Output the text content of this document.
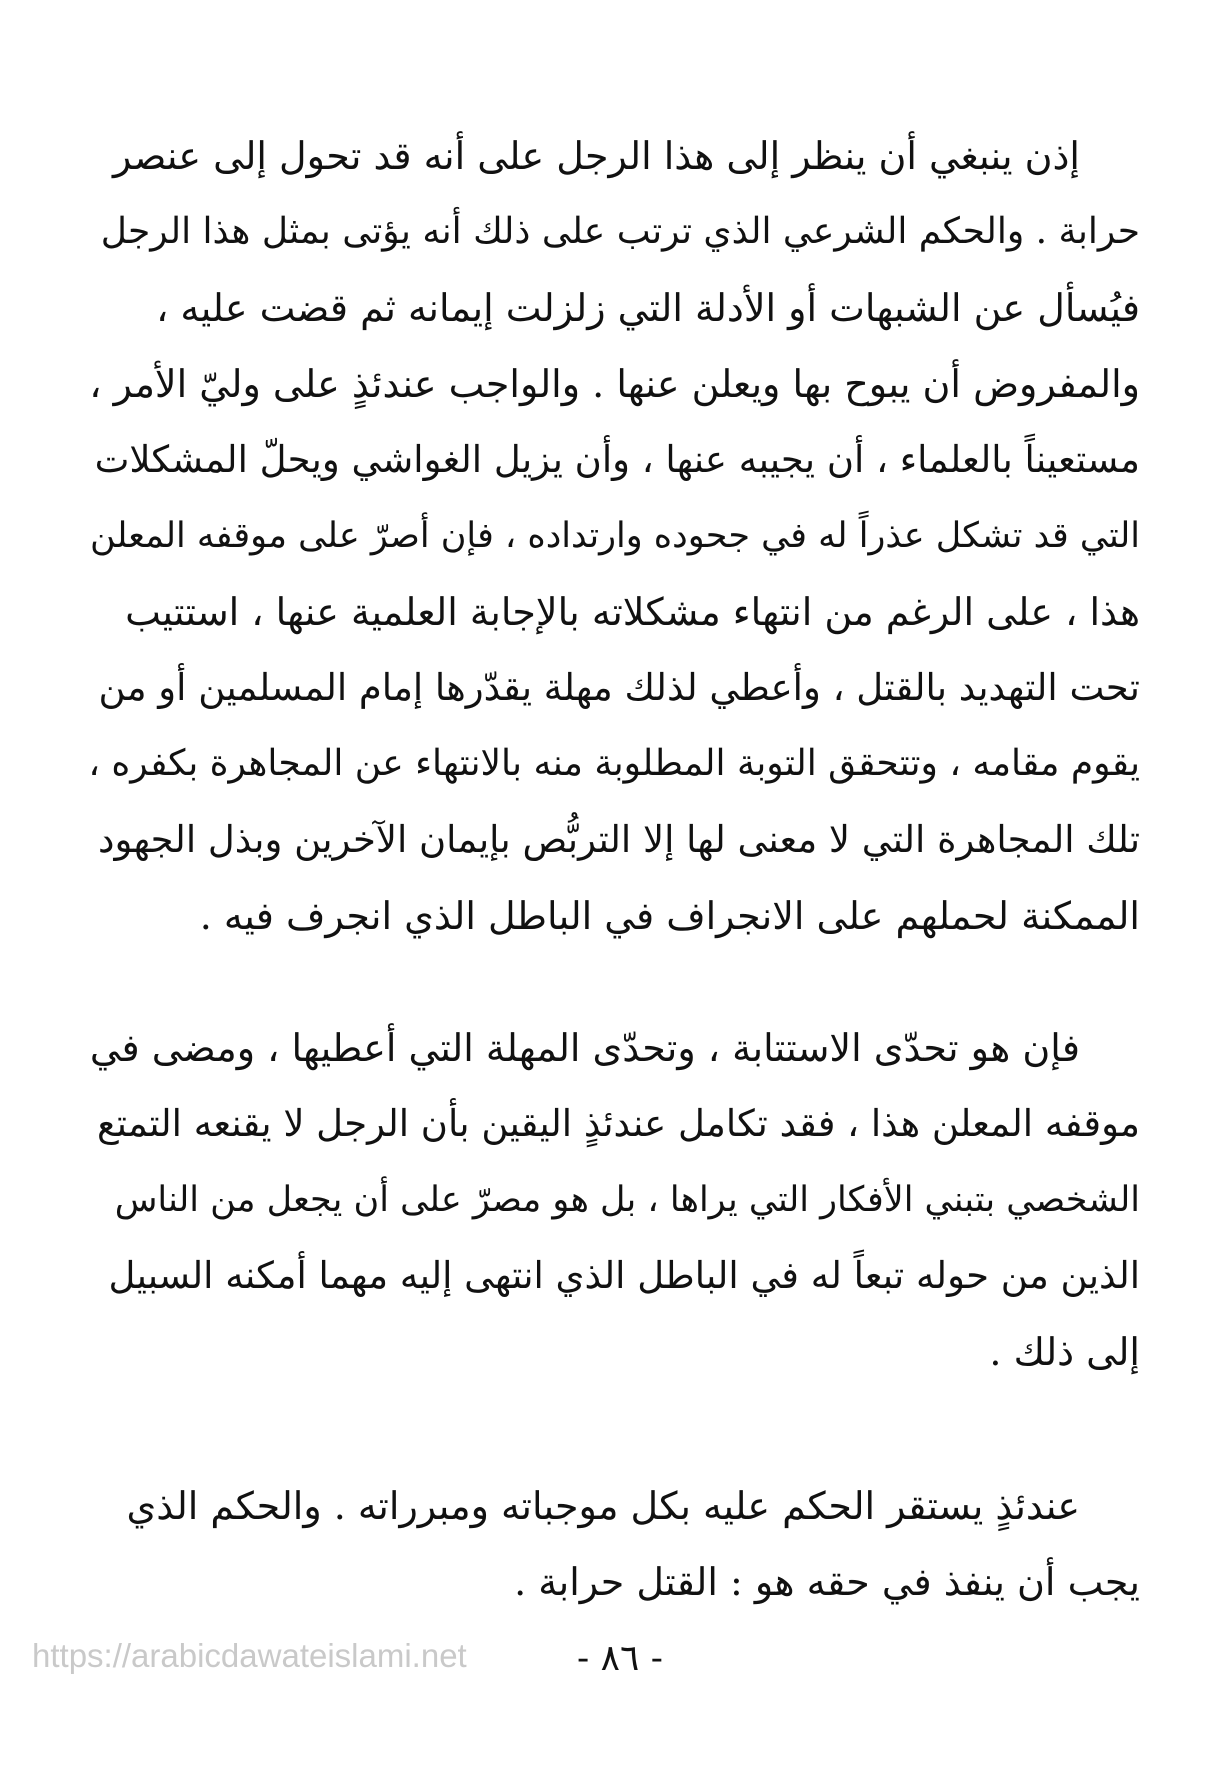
إذن ينبغي أن ينظر إلى هذا الرجل على أنه قد تحول إلى عنصر
حرابة . والحكم الشرعي الذي ترتب على ذلك أنه يؤتى بمثل هذا الرجل
فيُسأل عن الشبهات أو الأدلة التي زلزلت إيمانه ثم قضت عليه ،
والمفروض أن يبوح بها ويعلن عنها . والواجب عندئذٍ على وليّ الأمر ،
مستعيناً بالعلماء ، أن يجيبه عنها ، وأن يزيل الغواشي ويحلّ المشكلات
التي قد تشكل عذراً له في جحوده وارتداده ، فإن أصرّ على موقفه المعلن
هذا ، على الرغم من انتهاء مشكلاته بالإجابة العلمية عنها ، استتيب
تحت التهديد بالقتل ، وأعطي لذلك مهلة يقدّرها إمام المسلمين أو من
يقوم مقامه ، وتتحقق التوبة المطلوبة منه بالانتهاء عن المجاهرة بكفره ،
تلك المجاهرة التي لا معنى لها إلا التربُّص بإيمان الآخرين وبذل الجهود
الممكنة لحملهم على الانجراف في الباطل الذي انجرف فيه .
فإن هو تحدّى الاستتابة ، وتحدّى المهلة التي أعطيها ، ومضى في
موقفه المعلن هذا ، فقد تكامل عندئذٍ اليقين بأن الرجل لا يقنعه التمتع
الشخصي بتبني الأفكار التي يراها ، بل هو مصرّ على أن يجعل من الناس
الذين من حوله تبعاً له في الباطل الذي انتهى إليه مهما أمكنه السبيل
إلى ذلك .
عندئذٍ يستقر الحكم عليه بكل موجباته ومبرراته . والحكم الذي
يجب أن ينفذ في حقه هو : القتل حرابة .
https://arabicdawateislami.net	- ٨٦ -
